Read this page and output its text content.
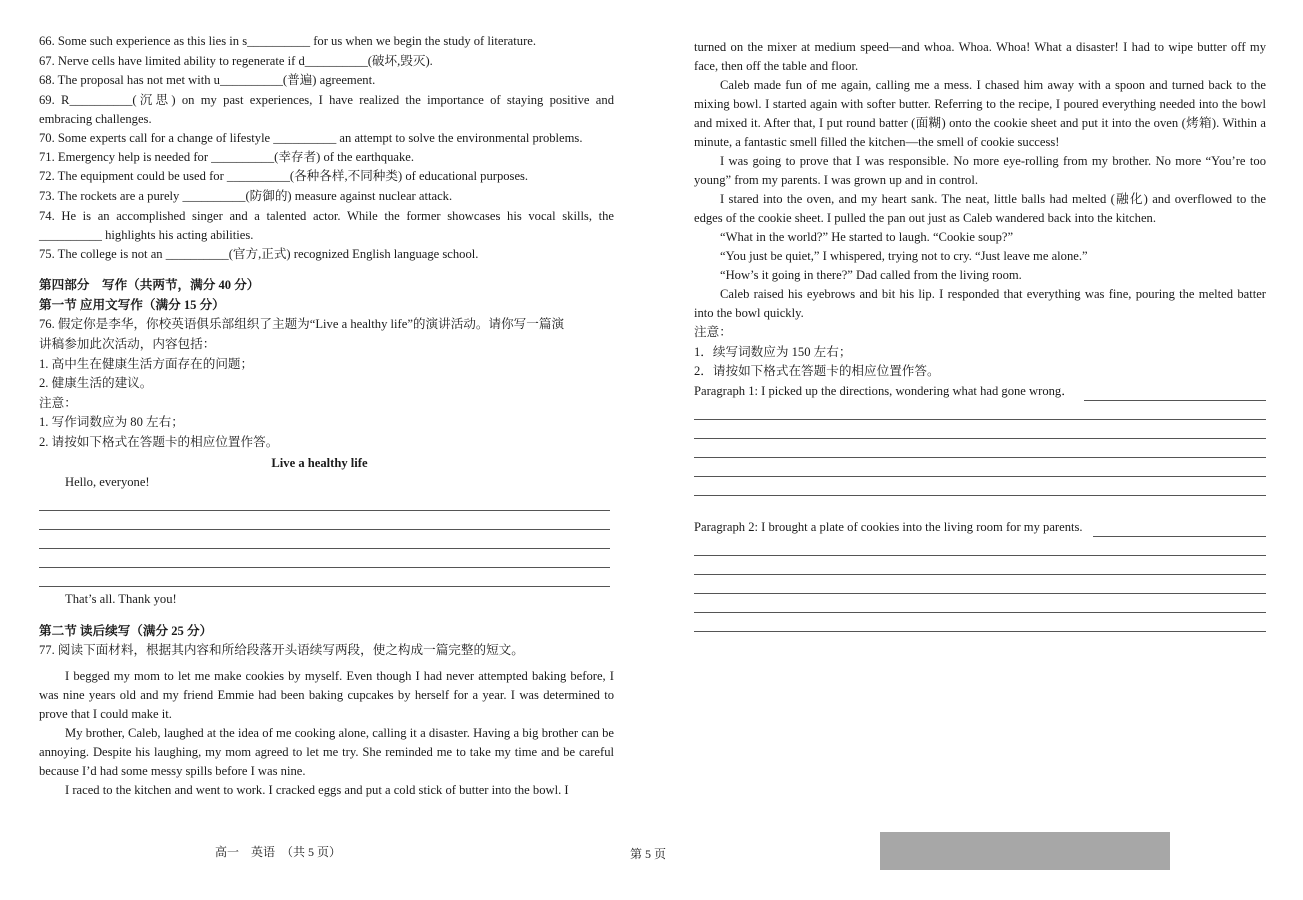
66. Some such experience as this lies in s__________ for us when we begin the study of literature.
67. Nerve cells have limited ability to regenerate if d__________(破坏,毁灭).
68. The proposal has not met with u__________(普遍) agreement.
69. R__________(沉思) on my past experiences, I have realized the importance of staying positive and embracing challenges.
70. Some experts call for a change of lifestyle __________ an attempt to solve the environmental problems.
71. Emergency help is needed for __________(幸存者) of the earthquake.
72. The equipment could be used for __________(各种各样,不同种类) of educational purposes.
73. The rockets are a purely __________(防御的) measure against nuclear attack.
74. He is an accomplished singer and a talented actor. While the former showcases his vocal skills, the __________ highlights his acting abilities.
75. The college is not an __________(官方,正式) recognized English language school.
第四部分　写作（共两节，满分 40 分）
第一节 应用文写作（满分 15 分）
76. 假定你是李华，你校英语俱乐部组织了主题为“Live a healthy life”的演讲活动。请你写一篇演
讲稿参加此次活动，内容包括：
1. 高中生在健康生活方面存在的问题；
2. 健康生活的建议。
注意：
1. 写作词数应为 80 左右；
2. 请按如下格式在答题卡的相应位置作答。
Live a healthy life
Hello, everyone!
That’s all. Thank you!
第二节 读后续写（满分 25 分）
77. 阅读下面材料，根据其内容和所给段落开头语续写两段，使之构成一篇完整的短文。
I begged my mom to let me make cookies by myself. Even though I had never attempted baking before, I was nine years old and my friend Emmie had been baking cupcakes by herself for a year. I was determined to prove that I could make it.
My brother, Caleb, laughed at the idea of me cooking alone, calling it a disaster. Having a big brother can be annoying. Despite his laughing, my mom agreed to let me try. She reminded me to take my time and be careful because I’d had some messy spills before I was nine.
I raced to the kitchen and went to work. I cracked eggs and put a cold stick of butter into the bowl. I
turned on the mixer at medium speed—and whoa. Whoa. Whoa! What a disaster! I had to wipe butter off my face, then off the table and floor.
Caleb made fun of me again, calling me a mess. I chased him away with a spoon and turned back to the mixing bowl. I started again with softer butter. Referring to the recipe, I poured everything needed into the bowl and mixed it. After that, I put round batter (面糊) onto the cookie sheet and put it into the oven (烤箱). Within a minute, a fantastic smell filled the kitchen—the smell of cookie success!
I was going to prove that I was responsible. No more eye-rolling from my brother. No more “You’re too young” from my parents. I was grown up and in control.
I stared into the oven, and my heart sank. The neat, little balls had melted (融化) and overflowed to the edges of the cookie sheet. I pulled the pan out just as Caleb wandered back into the kitchen.
“What in the world?” He started to laugh. “Cookie soup?”
“You just be quiet,” I whispered, trying not to cry. “Just leave me alone.”
“How’s it going in there?” Dad called from the living room.
Caleb raised his eyebrows and bit his lip. I responded that everything was fine, pouring the melted batter into the bowl quickly.
注意：
1．续写词数应为 150 左右；
2．请按如下格式在答题卡的相应位置作答。
Paragraph 1: I picked up the directions, wondering what had gone wrong．
Paragraph 2: I brought a plate of cookies into the living room for my parents.
高一　英语　（共 5 页）	第 5 页
